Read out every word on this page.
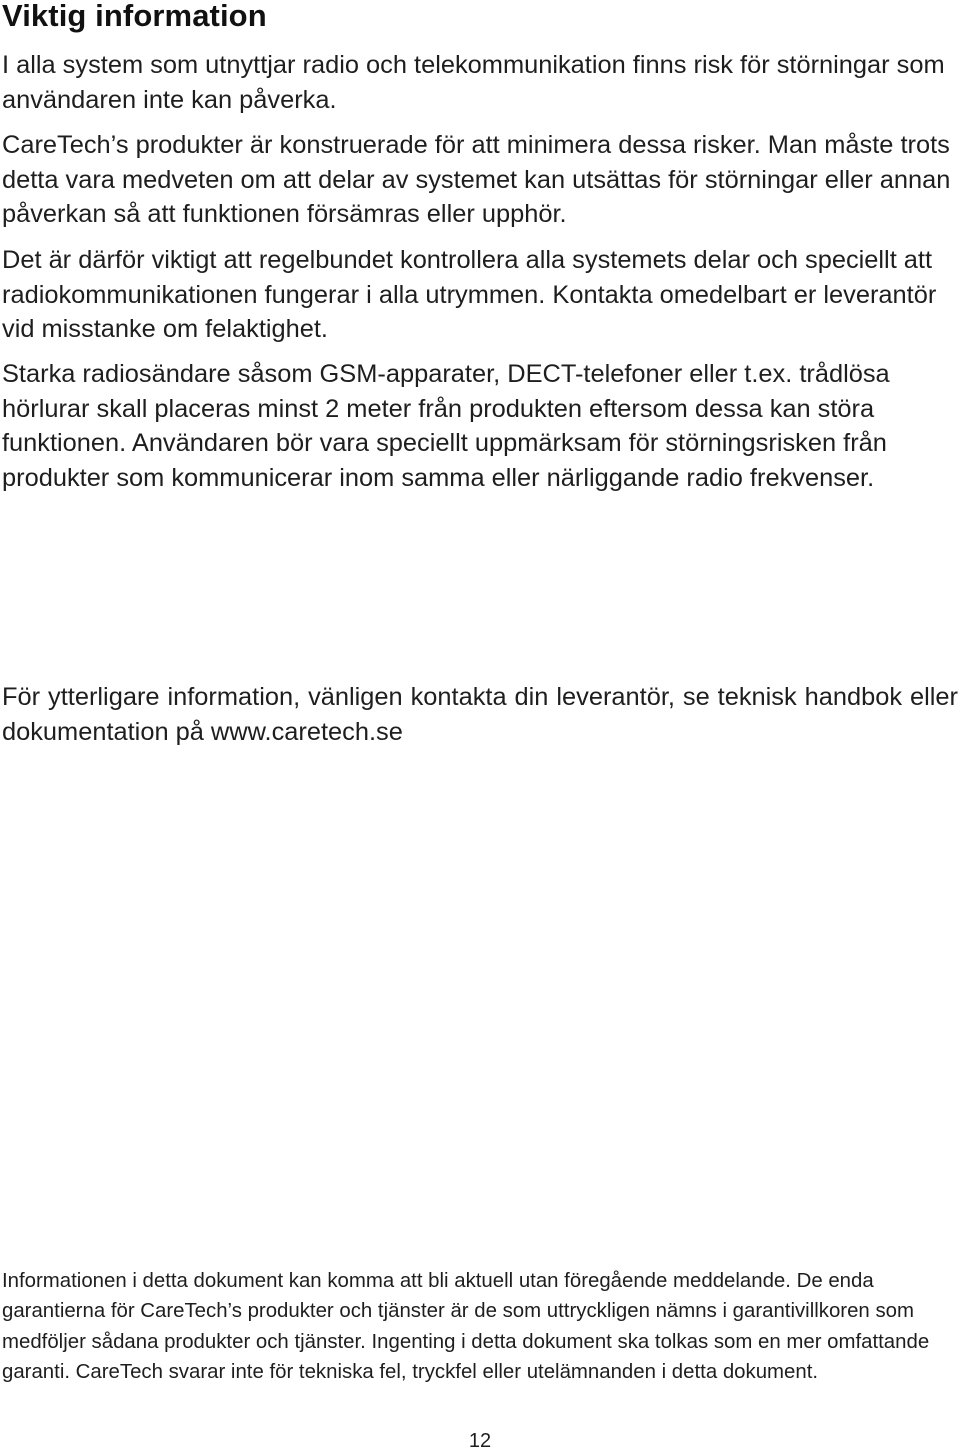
Viktig information

I alla system som utnyttjar radio och telekommunikation finns risk för störningar som användaren inte kan påverka.

CareTech’s produkter är konstruerade för att minimera dessa risker. Man måste trots detta vara medveten om att delar av systemet kan utsättas för störningar eller annan påverkan så att funktionen försämras eller upphör.

Det är därför viktigt att regelbundet kontrollera alla systemets delar och speciellt att radiokommunikationen fungerar i alla utrymmen. Kontakta omedelbart er leverantör vid misstanke om felaktighet.

Starka radiosändare såsom GSM-apparater, DECT-telefoner eller t.ex. trådlösa hörlurar skall placeras minst 2 meter från produkten eftersom dessa kan störa funktionen. Användaren bör vara speciellt uppmärksam för störningsrisken från produkter som kommunicerar inom samma eller närliggande radio frekvenser.

För ytterligare information, vänligen kontakta din leverantör, se teknisk handbok eller dokumentation på www.caretech.se

Informationen i detta dokument kan komma att bli aktuell utan föregående meddelande. De enda garantierna för CareTech’s produkter och tjänster är de som uttryckligen nämns i garantivillkoren som medföljer sådana produkter och tjänster. Ingenting i detta dokument ska tolkas som en mer omfattande garanti. CareTech svarar inte för tekniska fel, tryckfel eller utelämnanden i detta dokument.

12
